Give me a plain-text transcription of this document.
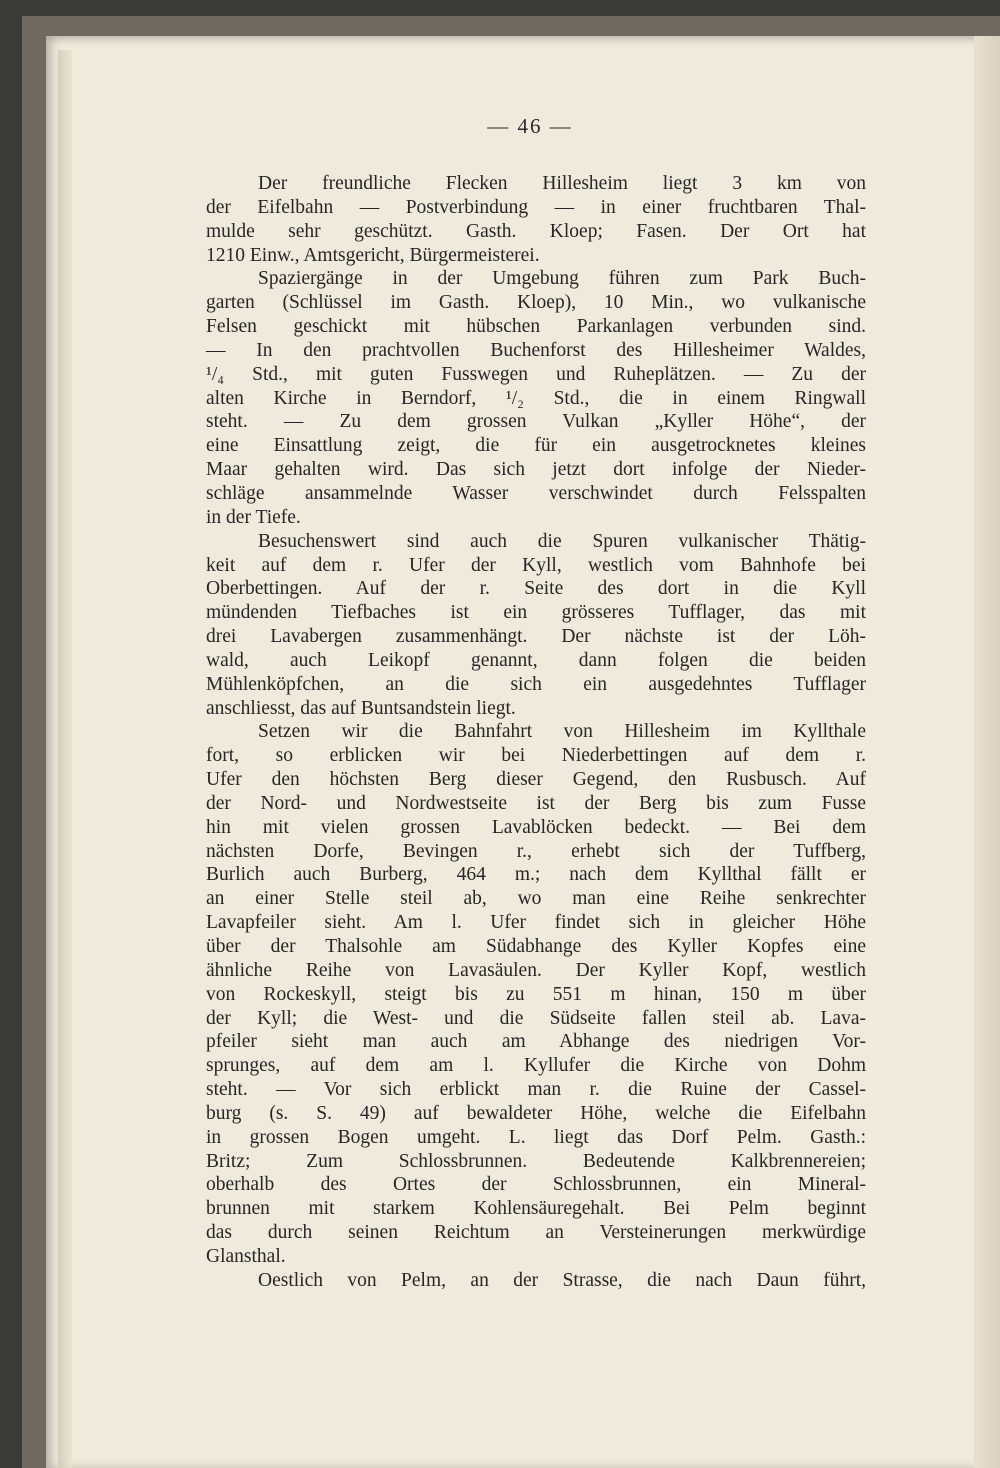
— 46 —
Der freundliche Flecken Hillesheim liegt 3 km von
der Eifelbahn — Postverbindung — in einer fruchtbaren Thal-
mulde sehr geschützt. Gasth. Kloep; Fasen. Der Ort hat
1210 Einw., Amtsgericht, Bürgermeisterei.
Spaziergänge in der Umgebung führen zum Park Buch-
garten (Schlüssel im Gasth. Kloep), 10 Min., wo vulkanische
Felsen geschickt mit hübschen Parkanlagen verbunden sind.
— In den prachtvollen Buchenforst des Hillesheimer Waldes,
¹/₄ Std., mit guten Fusswegen und Ruheplätzen. — Zu der
alten Kirche in Berndorf, ¹/₂ Std., die in einem Ringwall
steht. — Zu dem grossen Vulkan „Kyller Höhe“, der
eine Einsattlung zeigt, die für ein ausgetrocknetes kleines
Maar gehalten wird. Das sich jetzt dort infolge der Nieder-
schläge ansammelnde Wasser verschwindet durch Felsspalten
in der Tiefe.
Besuchenswert sind auch die Spuren vulkanischer Thätig-
keit auf dem r. Ufer der Kyll, westlich vom Bahnhofe bei
Oberbettingen. Auf der r. Seite des dort in die Kyll
mündenden Tiefbaches ist ein grösseres Tufflager, das mit
drei Lavabergen zusammenhängt. Der nächste ist der Löh-
wald, auch Leikopf genannt, dann folgen die beiden
Mühlenköpfchen, an die sich ein ausgedehntes Tufflager
anschliesst, das auf Buntsandstein liegt.
Setzen wir die Bahnfahrt von Hillesheim im Kyllthale
fort, so erblicken wir bei Niederbettingen auf dem r.
Ufer den höchsten Berg dieser Gegend, den Rusbusch. Auf
der Nord- und Nordwestseite ist der Berg bis zum Fusse
hin mit vielen grossen Lavablöcken bedeckt. — Bei dem
nächsten Dorfe, Bevingen r., erhebt sich der Tuffberg,
Burlich auch Burberg, 464 m.; nach dem Kyllthal fällt er
an einer Stelle steil ab, wo man eine Reihe senkrechter
Lavapfeiler sieht. Am l. Ufer findet sich in gleicher Höhe
über der Thalsohle am Südabhange des Kyller Kopfes eine
ähnliche Reihe von Lavasäulen. Der Kyller Kopf, westlich
von Rockeskyll, steigt bis zu 551 m hinan, 150 m über
der Kyll; die West- und die Südseite fallen steil ab. Lava-
pfeiler sieht man auch am Abhange des niedrigen Vor-
sprunges, auf dem am l. Kyllufer die Kirche von Dohm
steht. — Vor sich erblickt man r. die Ruine der Cassel-
burg (s. S. 49) auf bewaldeter Höhe, welche die Eifelbahn
in grossen Bogen umgeht. L. liegt das Dorf Pelm. Gasth.:
Britz; Zum Schlossbrunnen. Bedeutende Kalkbrennereien;
oberhalb des Ortes der Schlossbrunnen, ein Mineral-
brunnen mit starkem Kohlensäuregehalt. Bei Pelm beginnt
das durch seinen Reichtum an Versteinerungen merkwürdige
Glansthal.
Oestlich von Pelm, an der Strasse, die nach Daun führt,
